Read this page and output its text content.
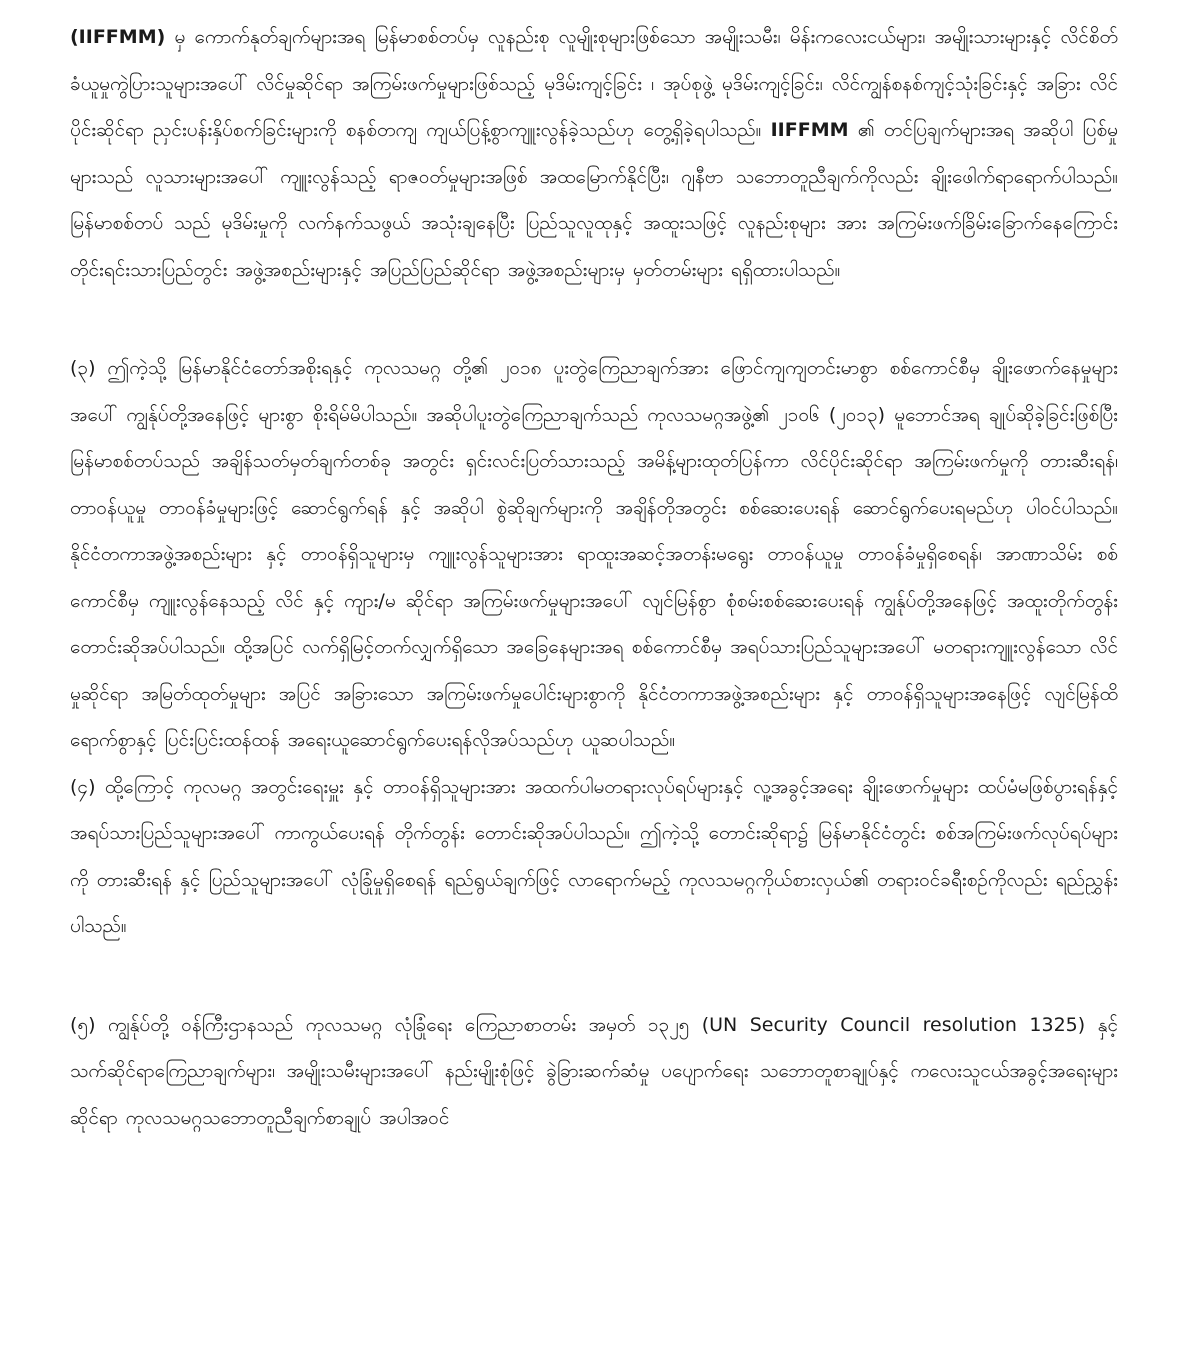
(IIFFMM) မှ ကောက်နုတ်ချက်များအရ မြန်မာစစ်တပ်မှ လူနည်းစု လူမျိုးစုများဖြစ်သော အမျိုးသမီး၊ မိန်းကလေးငယ်များ၊ အမျိုးသားများနှင့် လိင်စိတ်ခံယူမှုကွဲပြားသူများအပေါ် လိင်မှုဆိုင်ရာ အကြမ်းဖက်မှုများဖြစ်သည့် မုဒိမ်းကျင့်ခြင်း ၊ အုပ်စုဖွဲ့ မုဒိမ်းကျင့်ခြင်း၊ လိင်ကျွန်စနစ်ကျင့်သုံးခြင်းနှင့် အခြား လိင်ပိုင်းဆိုင်ရာ ညှင်းပန်းနှိပ်စက်ခြင်းများကို စနစ်တကျ ကျယ်ပြန့်စွာကျူးလွန်ခဲ့သည်ဟု တွေ့ရှိခဲ့ရပါသည်။ IIFFMM ၏ တင်ပြချက်များအရ အဆိုပါ ပြစ်မှုများသည် လူသားများအပေါ် ကျူးလွန်သည့် ရာဇဝတ်မှုများအဖြစ် အထမြောက်နိုင်ပြီး၊ ဂျနီဗာ သဘောတူညီချက်ကိုလည်း ချိုးဖေါက်ရာရောက်ပါသည်။ မြန်မာစစ်တပ် သည် မုဒိမ်းမှုကို လက်နက်သဖွယ် အသုံးချနေပြီး ပြည်သူလူထုနှင့် အထူးသဖြင့် လူနည်းစုများ အား အကြမ်းဖက်ခြိမ်းခြောက်နေကြောင်း တိုင်းရင်းသားပြည်တွင်း အဖွဲ့အစည်းများနှင့် အပြည်ပြည်ဆိုင်ရာ အဖွဲ့အစည်းများမှ မှတ်တမ်းများ ရရှိထားပါသည်။

(၃) ဤကဲ့သို့ မြန်မာနိုင်ငံတော်အစိုးရနှင့် ကုလသမဂ္ဂ တို့၏ ၂၀၁၈ ပူးတွဲကြေညာချက်အား ဖြောင်ကျကျတင်းမာစွာ စစ်ကောင်စီမှ ချိုးဖောက်နေမှုများအပေါ် ကျွန်ုပ်တို့အနေဖြင့် များစွာ စိုးရိမ်မိပါသည်။ အဆိုပါပူးတွဲကြေညာချက်သည် ကုလသမဂ္ဂအဖွဲ့၏ ၂၁၀၆ (၂၀၁၃) မူဘောင်အရ ချုပ်ဆိုခဲ့ခြင်းဖြစ်ပြီး မြန်မာစစ်တပ်သည် အချိန်သတ်မှတ်ချက်တစ်ခု အတွင်း ရှင်းလင်းပြတ်သားသည့် အမိန့်များထုတ်ပြန်ကာ လိင်ပိုင်းဆိုင်ရာ အကြမ်းဖက်မှုကို တားဆီးရန်၊ တာဝန်ယူမှု တာဝန်ခံမှုများဖြင့် ဆောင်ရွက်ရန် နှင့် အဆိုပါ စွဲဆိုချက်များကို အချိန်တိုအတွင်း စစ်ဆေးပေးရန် ဆောင်ရွက်ပေးရမည်ဟု ပါဝင်ပါသည်။ နိုင်ငံတကာအဖွဲ့အစည်းများ နှင့် တာဝန်ရှိသူများမှ ကျူးလွန်သူများအား ရာထူးအဆင့်အတန်းမရွေး တာဝန်ယူမှု တာဝန်ခံမှုရှိစေရန်၊ အာဏာသိမ်း စစ်ကောင်စီမှ ကျူးလွန်နေသည့် လိင် နှင့် ကျား/မ ဆိုင်ရာ အကြမ်းဖက်မှုများအပေါ် လျင်မြန်စွာ စုံစမ်းစစ်ဆေးပေးရန် ကျွန်ုပ်တို့အနေဖြင့် အထူးတိုက်တွန်းတောင်းဆိုအပ်ပါသည်။ ထို့အပြင် လက်ရှိမြင့်တက်လျှက်ရှိသော အခြေနေများအရ စစ်ကောင်စီမှ အရပ်သားပြည်သူများအပေါ် မတရားကျူးလွန်သော လိင်မှုဆိုင်ရာ အမြတ်ထုတ်မှုများ အပြင် အခြားသော အကြမ်းဖက်မှုပေါင်းများစွာကို နိုင်ငံတကာအဖွဲ့အစည်းများ နှင့် တာဝန်ရှိသူများအနေဖြင့် လျင်မြန်ထိရောက်စွာနှင့် ပြင်းပြင်းထန်ထန် အရေးယူဆောင်ရွက်ပေးရန်လိုအပ်သည်ဟု ယူဆပါသည်။

(၄) ထို့ကြောင့် ကုလမဂ္ဂ အတွင်းရေးမှူး နှင့် တာဝန်ရှိသူများအား အထက်ပါမတရားလုပ်ရပ်များနှင့် လူ့အခွင့်အရေး ချိုးဖောက်မှုများ ထပ်မံမဖြစ်ပွားရန်နှင့် အရပ်သားပြည်သူများအပေါ် ကာကွယ်ပေးရန် တိုက်တွန်း တောင်းဆိုအပ်ပါသည်။ ဤကဲ့သို့ တောင်းဆိုရာ၌ မြန်မာနိုင်ငံတွင်း စစ်အကြမ်းဖက်လုပ်ရပ်များကို တားဆီးရန် နှင့် ပြည်သူများအပေါ် လုံခြုံမှုရှိစေရန် ရည်ရွယ်ချက်ဖြင့် လာရောက်မည့် ကုလသမဂ္ဂကိုယ်စားလှယ်၏ တရားဝင်ခရီးစဉ်ကိုလည်း ရည်ညွှန်းပါသည်။

(၅) ကျွန်ုပ်တို့ ဝန်ကြီးဌာနသည် ကုလသမဂ္ဂ လုံခြုံရေး ကြေညာစာတမ်း အမှတ် ၁၃၂၅ (UN Security Council resolution 1325) နှင့် သက်ဆိုင်ရာကြေညာချက်များ၊ အမျိုးသမီးများအပေါ် နည်းမျိုးစုံဖြင့် ခွဲခြားဆက်ဆံမှု ပပျောက်ရေး သဘောတူစာချုပ်နှင့် ကလေးသူငယ်အခွင့်အရေးများဆိုင်ရာ ကုလသမဂ္ဂသဘောတူညီချက်စာချုပ် အပါအဝင်
